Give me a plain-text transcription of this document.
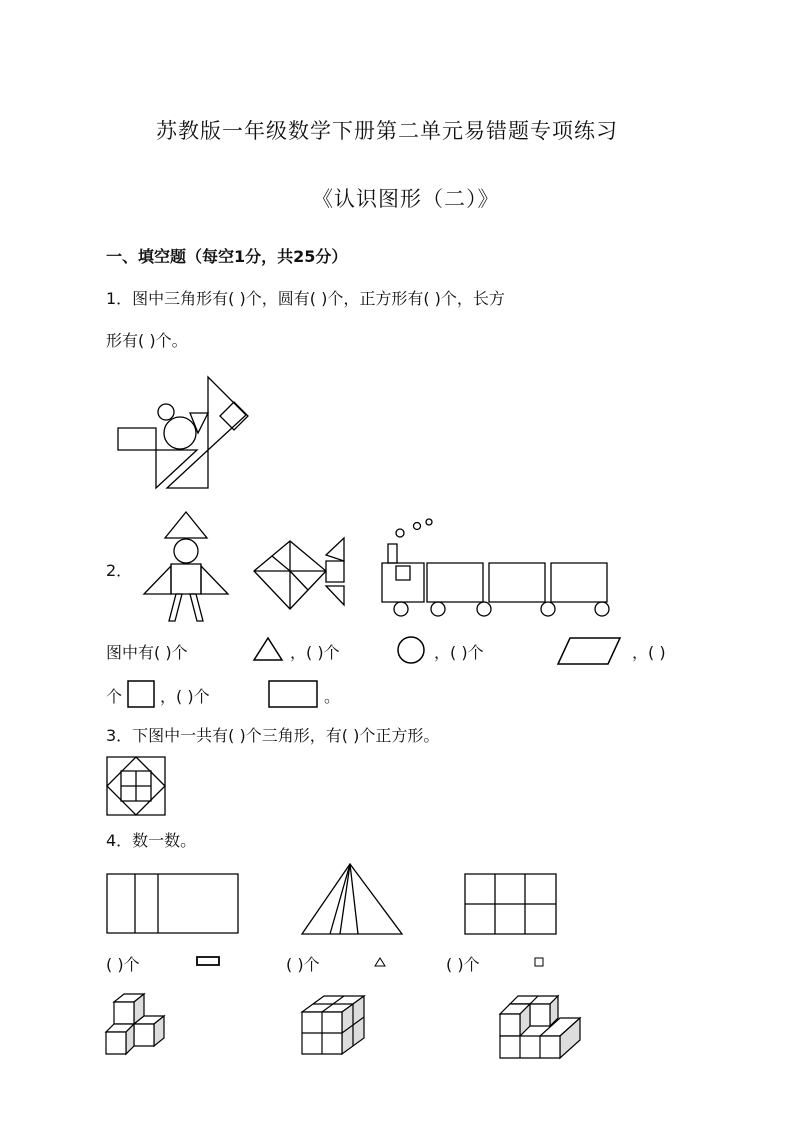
苏教版一年级数学下册第二单元易错题专项练习
《认识图形（二）》
一、填空题（每空1分，共25分）
1．图中三角形有( )个，圆有( )个，正方形有( )个，长方
形有( )个。
2．
图中有( )个	，( )个	，( )个	，( )
个 ，( )个	。
3．下图中一共有( )个三角形，有( )个正方形。
4．数一数。
( )个	( )个	( )个
